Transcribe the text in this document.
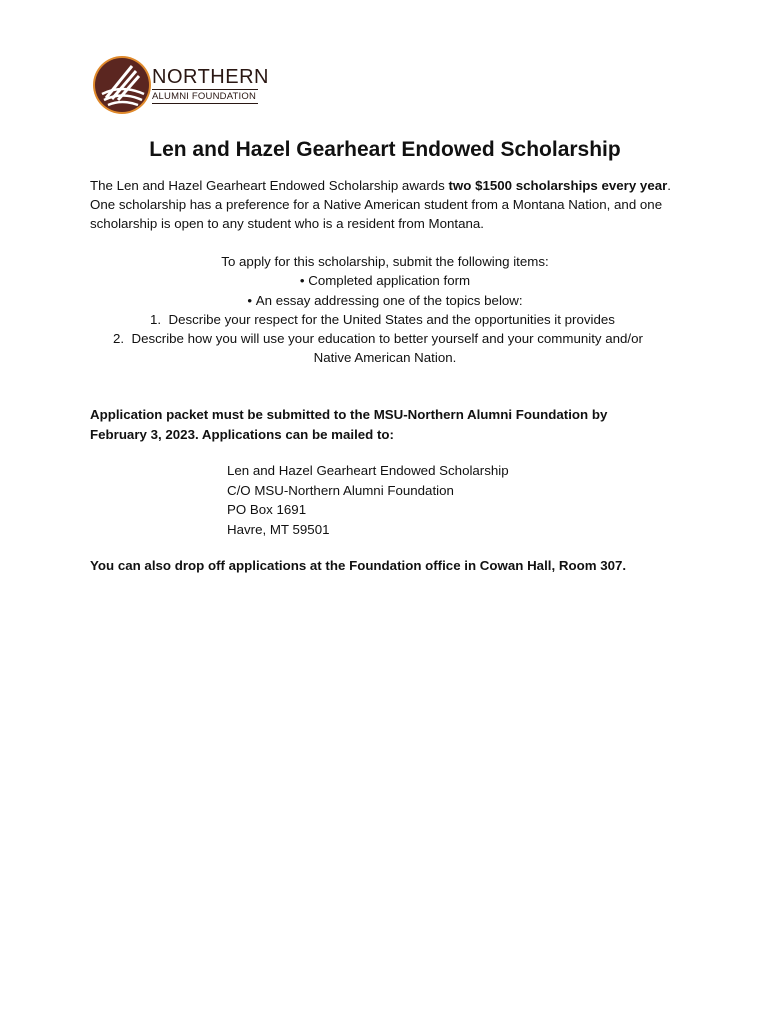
NORTHERN
ALUMNI FOUNDATION
Len and Hazel Gearheart Endowed Scholarship
The Len and Hazel Gearheart Endowed Scholarship awards two $1500 scholarships every year. One scholarship has a preference for a Native American student from a Montana Nation, and one scholarship is open to any student who is a resident from Montana.
To apply for this scholarship, submit the following items:
• Completed application form
• An essay addressing one of the topics below:
1. Describe your respect for the United States and the opportunities it provides
2. Describe how you will use your education to better yourself and your community and/or
Native American Nation.
Application packet must be submitted to the MSU-Northern Alumni Foundation by
February 3, 2023. Applications can be mailed to:
Len and Hazel Gearheart Endowed Scholarship
C/O MSU-Northern Alumni Foundation
PO Box 1691
Havre, MT 59501
You can also drop off applications at the Foundation office in Cowan Hall, Room 307.
